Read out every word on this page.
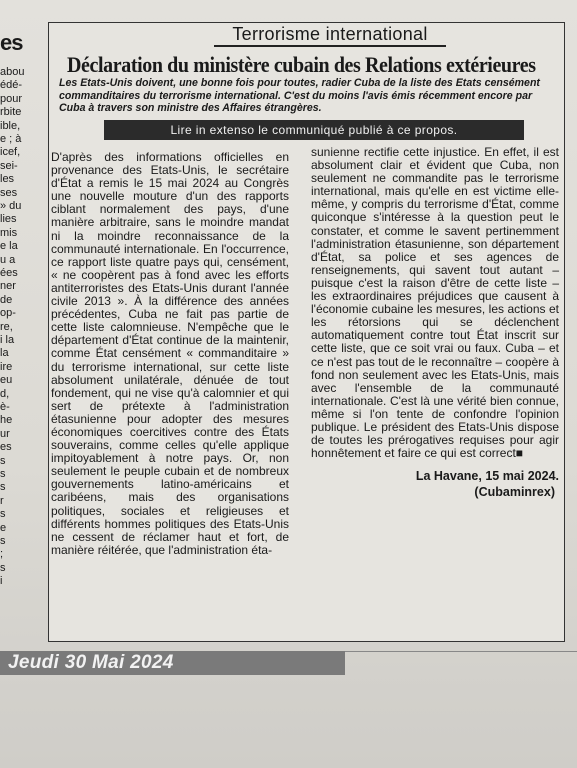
es
abou
édé-
pour
rbite
ible,
e ; à
icef,
sei-
les
ses
» du
lies
mis
e la
u a
ées
ner
de
op-
re,
i la
la
ire
eu
d,
è-
he
ur
es
s
s
s
r
s
e
s
;
s
i
Terrorisme international
Déclaration du ministère cubain des Relations extérieures
Les Etats-Unis doivent, une bonne fois pour toutes, radier Cuba de la liste des Etats censément commanditaires du terrorisme international. C'est du moins l'avis émis récemment encore par Cuba à travers son ministre des Affaires étrangères.
Lire in extenso le communiqué publié à ce propos.

D'après des informations officielles en provenance des Etats-Unis, le secrétaire d'État a remis le 15 mai 2024 au Congrès une nouvelle mouture d'un des rapports ciblant normalement des pays, d'une manière arbitraire, sans le moindre mandat ni la moindre reconnaissance de la communauté internationale. En l'occurrence, ce rapport liste quatre pays qui, censément, « ne coopèrent pas à fond avec les efforts antiterroristes des Etats-Unis durant l'année civile 2013 ». À la différence des années précédentes, Cuba ne fait pas partie de cette liste calomnieuse. N'empêche que le département d'État continue de la maintenir, comme État censément « commanditaire » du terrorisme international, sur cette liste absolument unilatérale, dénuée de tout fondement, qui ne vise qu'à calomnier et qui sert de prétexte à l'administration étasunienne pour adopter des mesures économiques coercitives contre des États souverains, comme celles qu'elle applique impitoyablement à notre pays. Or, non seulement le peuple cubain et de nombreux gouvernements latino-américains et caribéens, mais des organisations politiques, sociales et religieuses et différents hommes politiques des Etats-Unis ne cessent de réclamer haut et fort, de manière réitérée, que l'administration éta-

sunienne rectifie cette injustice. En effet, il est absolument clair et évident que Cuba, non seulement ne commandite pas le terrorisme international, mais qu'elle en est victime elle-même, y compris du terrorisme d'État, comme quiconque s'intéresse à la question peut le constater, et comme le savent pertinemment l'administration étasunienne, son département d'État, sa police et ses agences de renseignements, qui savent tout autant – puisque c'est la raison d'être de cette liste – les extraordinaires préjudices que causent à l'économie cubaine les mesures, les actions et les rétorsions qui se déclenchent automatiquement contre tout État inscrit sur cette liste, que ce soit vrai ou faux. Cuba – et ce n'est pas tout de le reconnaître – coopère à fond non seulement avec les Etats-Unis, mais avec l'ensemble de la communauté internationale. C'est là une vérité bien connue, même si l'on tente de confondre l'opinion publique. Le président des Etats-Unis dispose de toutes les prérogatives requises pour agir honnêtement et faire ce qui est correct■

La Havane, 15 mai 2024.
(Cubaminrex)
Jeudi 30 Mai 2024
